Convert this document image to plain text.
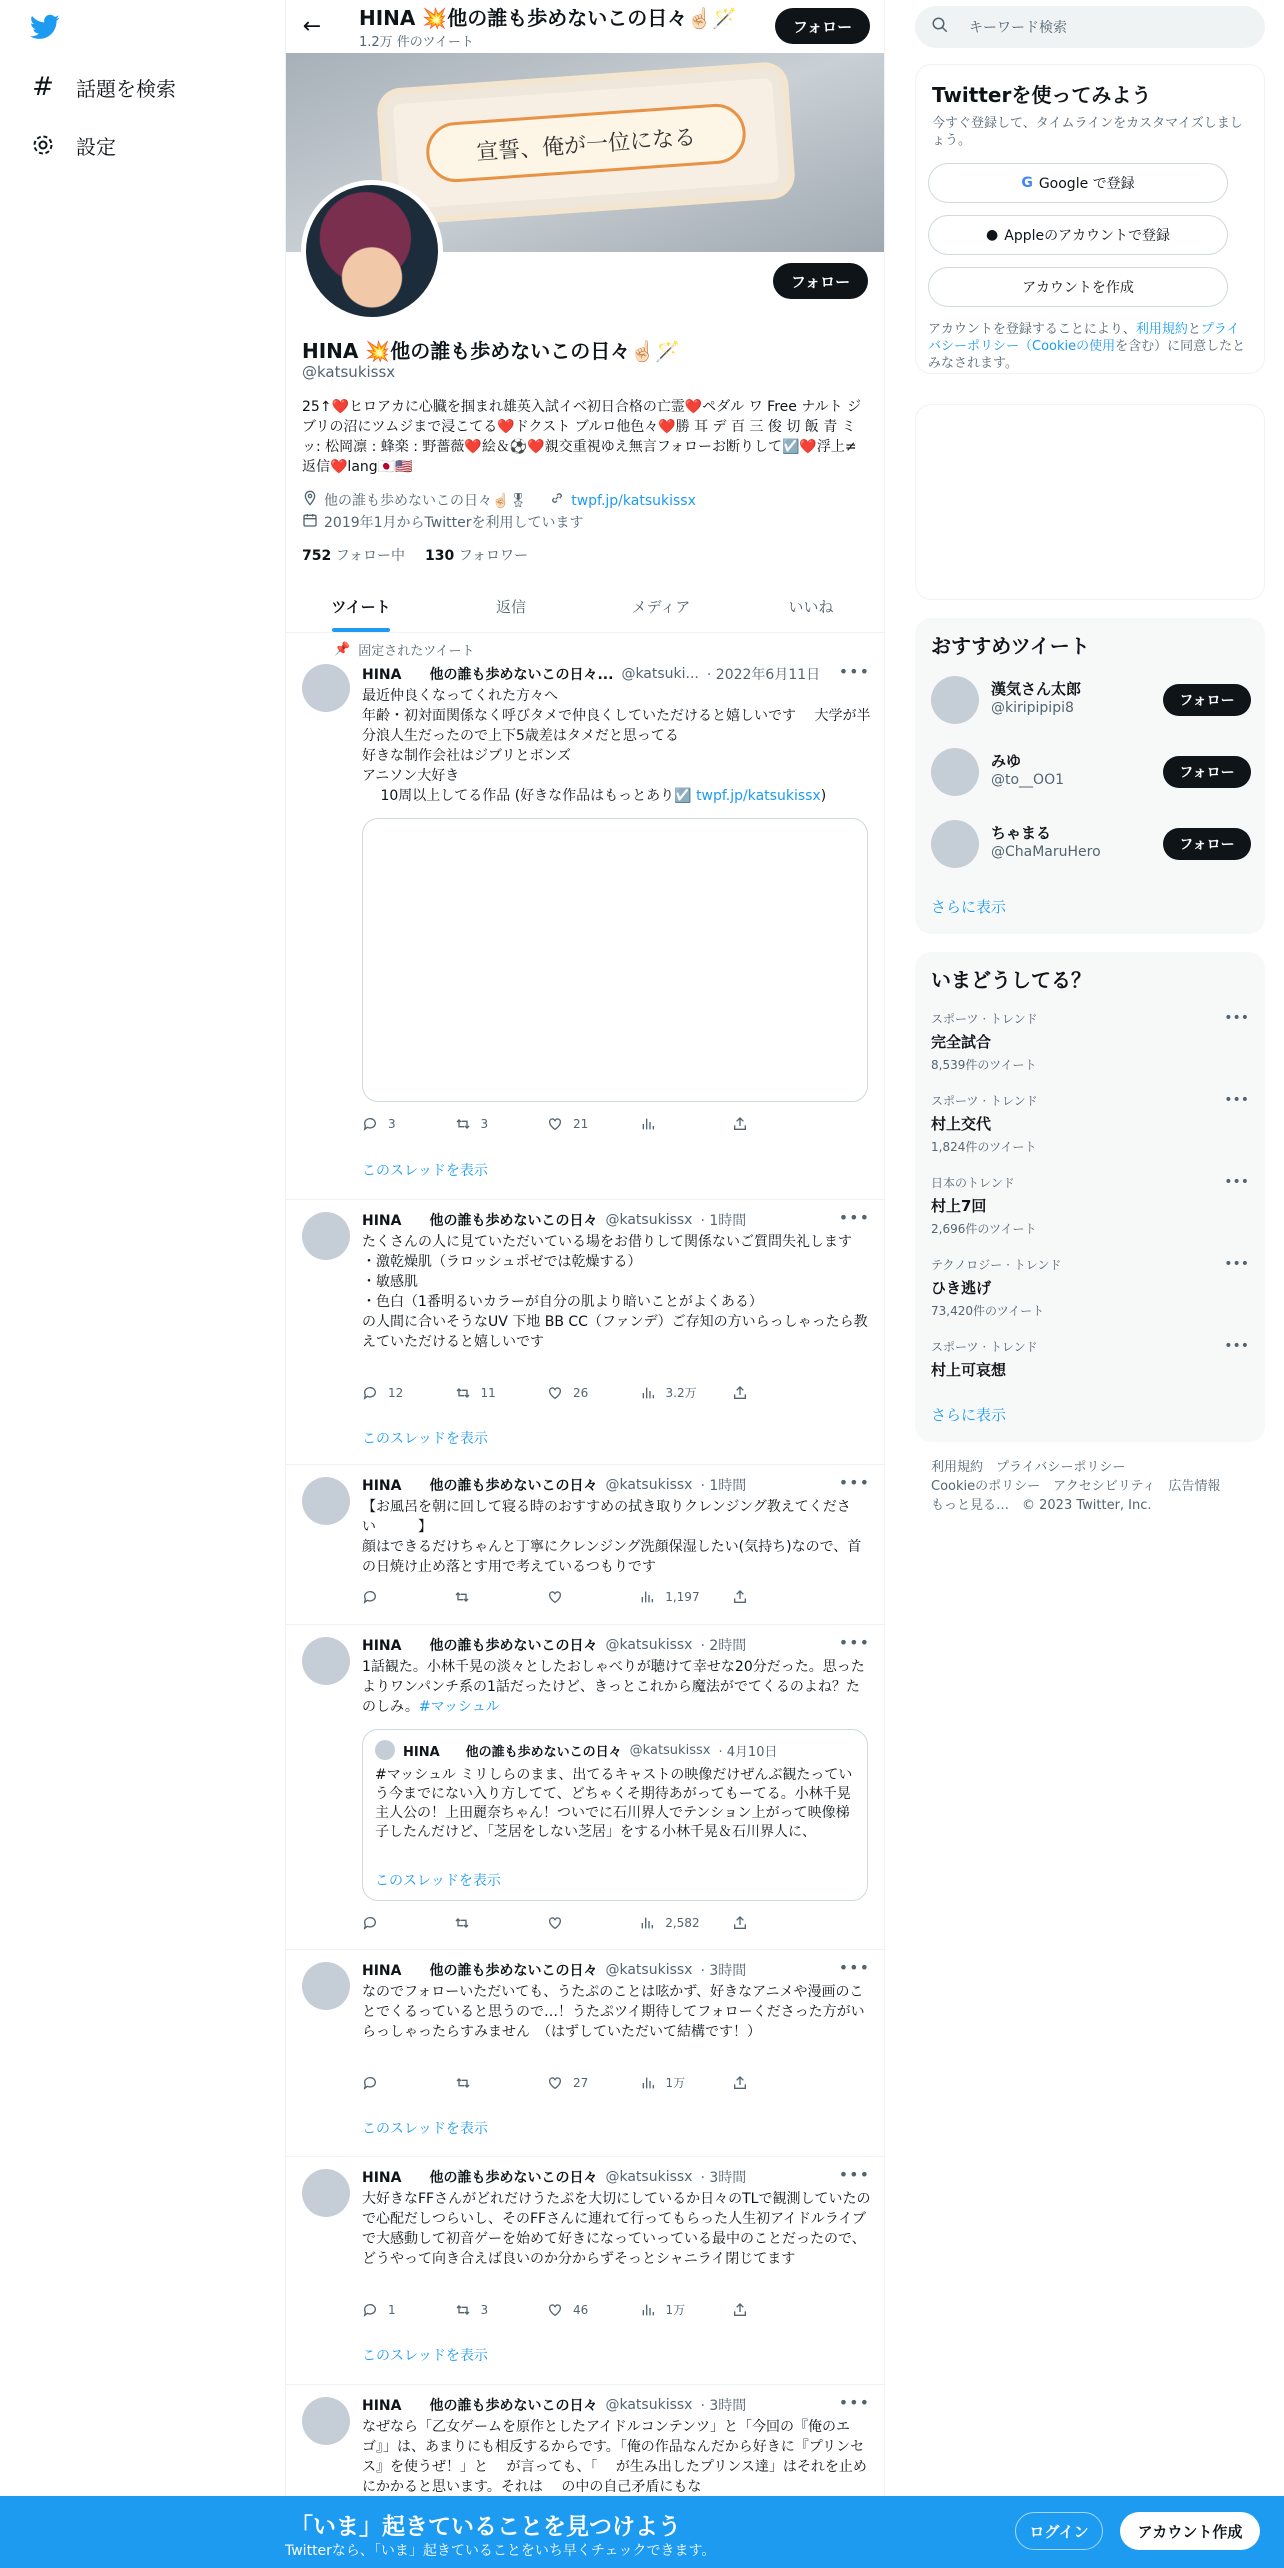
# 話題を検索
設定
←	HINA 💥他の誰も歩めないこの日々☝🏻🪄
1.2万 件のツイート
フォロー
宣誓、俺が一位になる
フォロー
HINA 💥他の誰も歩めないこの日々☝🏻🪄
@katsukissx
25↑❤️ヒロアカに心臓を掴まれ雄英入試イベ初日合格の亡霊❤️ペダル ワ Free ナルト ジブリの沼にツムジまで浸こてる❤️ドクスト ブルロ他色々❤️勝 耳 デ 百 三 俊 切 飯 青 ミッ: 松岡凛 : 蜂楽 : 野薔薇❤️絵＆⚽️❤️親交重視ゆえ無言フォローお断りして☑️❤️浮上≠返信❤️lang🇯🇵🇺🇸
他の誰も歩めないこの日々☝🏻🎖	twpf.jp/katsukissx
2019年1月からTwitterを利用しています
752 フォロー中 130 フォロワー
ツイート	返信	メディア	いいね
📌 固定されたツイート
HINA　　他の誰も歩めないこの日々... @katsuki... · 2022年6月11日 •••
最近仲良くなってくれた方々へ
年齢・初対面関係なく呼びタメで仲良くしていただけると嬉しいです　 大学が半分浪人生だったので上下5歳差はタメだと思ってる
好きな制作会社はジブリとボンズ
アニソン大好き
　 10周以上してる作品 (好きな作品はもっとあり☑️ twpf.jp/katsukissx)
3	3	21
このスレッドを表示
HINA　　他の誰も歩めないこの日々 @katsukissx · 1時間	•••
たくさんの人に見ていただいている場をお借りして関係ないご質問失礼します
・激乾燥肌（ラロッシュポゼでは乾燥する）
・敏感肌
・色白（1番明るいカラーが自分の肌より暗いことがよくある）
の人間に合いそうなUV 下地 BB CC（ファンデ）ご存知の方いらっしゃったら教えていただけると嬉しいです
12	11	26	3.2万
このスレッドを表示
HINA　　他の誰も歩めないこの日々 @katsukissx · 1時間	•••
【お風呂を朝に回して寝る時のおすすめの拭き取りクレンジング教えてください　　　】
顔はできるだけちゃんと丁寧にクレンジング洗顔保湿したい(気持ち)なので、首の日焼け止め落とす用で考えているつもりです
1,197
HINA　　他の誰も歩めないこの日々 @katsukissx · 2時間	•••
1話観た。小林千晃の淡々としたおしゃべりが聴けて幸せな20分だった。思ったよりワンパンチ系の1話だったけど、きっとこれから魔法がでてくるのよね？たのしみ。#マッシュル
HINA　　他の誰も歩めないこの日々 @katsukissx · 4月10日
#マッシュル ミリしらのまま、出てるキャストの映像だけぜんぶ観たっていう今までにない入り方してて、どちゃくそ期待あがってもーてる。小林千晃主人公の！上田麗奈ちゃん！ついでに石川界人でテンション上がって映像梯子したんだけど、「芝居をしない芝居」をする小林千晃＆石川界人に、
このスレッドを表示
2,582
HINA　　他の誰も歩めないこの日々 @katsukissx · 3時間	•••
なのでフォローいただいても、うたぷのことは呟かず、好きなアニメや漫画のことでくるっていると思うので…！うたぷツイ期待してフォローくださった方がいらっしゃったらすみません　（はずしていただいて結構です！）
27	1万
このスレッドを表示
HINA　　他の誰も歩めないこの日々 @katsukissx · 3時間	•••
大好きなFFさんがどれだけうたぷを大切にしているか日々のTLで観測していたので心配だしつらいし、そのFFさんに連れて行ってもらった人生初アイドルライブで大感動して初音ゲーを始めて好きになっていっている最中のことだったので、どうやって向き合えば良いのか分からずそっとシャニライ閉じてます
1	3	46	1万
このスレッドを表示
HINA　　他の誰も歩めないこの日々 @katsukissx · 3時間	•••
なぜなら「乙女ゲームを原作としたアイドルコンテンツ」と「今回の『俺のエゴ』」は、あまりにも相反するからです。「俺の作品なんだから好きに『プリンセス』を使うぜ！」と　 が言っても、「　 が生み出したプリンス達」はそれを止めにかかると思います。それは　 の中の自己矛盾にもな
キーワード検索
Twitterを使ってみよう
今すぐ登録して、タイムラインをカスタマイズしましょう。
G Google で登録
● Appleのアカウントで登録
アカウントを作成
アカウントを登録することにより、利用規約とプライバシーポリシー（Cookieの使用を含む）に同意したとみなされます。
おすすめツイート
漢気さん太郎
@kiripipipi8	フォロー
みゆ
@to__OO1	フォロー
ちゃまる
@ChaMaruHero	フォロー
さらに表示
いまどうしてる？
スポーツ · トレンド
完全試合
8,539件のツイート
•••
スポーツ · トレンド
村上交代
1,824件のツイート
•••
日本のトレンド
村上7回
2,696件のツイート
•••
テクノロジー · トレンド
ひき逃げ
73,420件のツイート
•••
スポーツ · トレンド
村上可哀想
•••
さらに表示
利用規約　プライバシーポリシー
Cookieのポリシー　アクセシビリティ　広告情報
もっと見る…　© 2023 Twitter, Inc.
「いま」起きていることを見つけよう
Twitterなら、「いま」起きていることをいち早くチェックできます。
ログイン	アカウント作成
